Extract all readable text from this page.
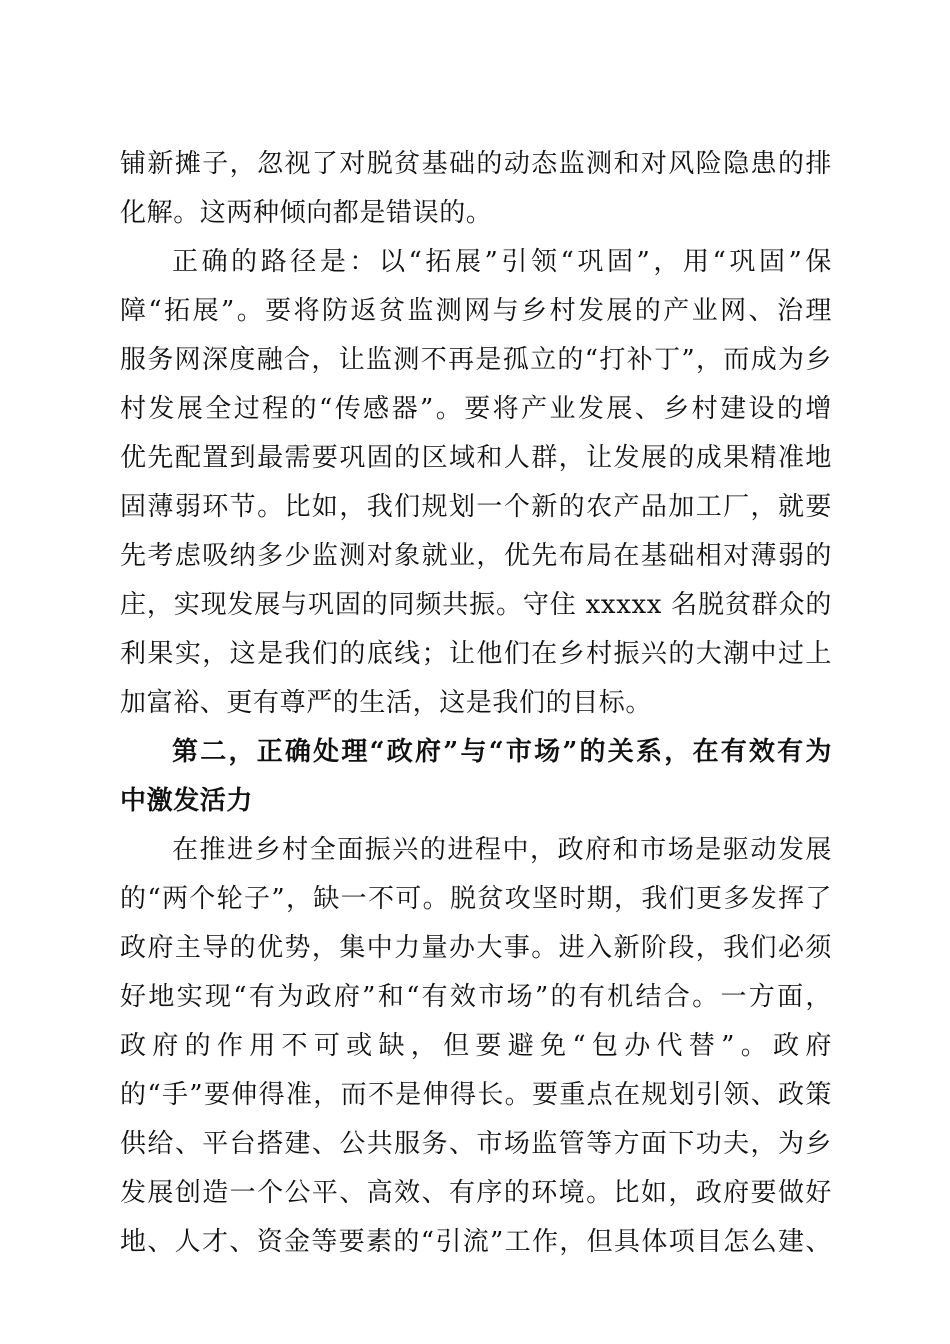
铺新摊子，忽视了对脱贫基础的动态监测和对风险隐患的排
化解。这两种倾向都是错误的。
正确的路径是：以“拓展”引领“巩固”，用“巩固”保
障“拓展”。要将防返贫监测网与乡村发展的产业网、治理
服务网深度融合，让监测不再是孤立的“打补丁”，而成为乡
村发展全过程的“传感器”。要将产业发展、乡村建设的增
优先配置到最需要巩固的区域和人群，让发展的成果精准地
固薄弱环节。比如，我们规划一个新的农产品加工厂，就要
先考虑吸纳多少监测对象就业，优先布局在基础相对薄弱的
庄，实现发展与巩固的同频共振。守住 xxxxx 名脱贫群众的
利果实，这是我们的底线；让他们在乡村振兴的大潮中过上
加富裕、更有尊严的生活，这是我们的目标。
第二，正确处理“政府”与“市场”的关系，在有效有为
中激发活力
在推进乡村全面振兴的进程中，政府和市场是驱动发展
的“两个轮子”，缺一不可。脱贫攻坚时期，我们更多发挥了
政府主导的优势，集中力量办大事。进入新阶段，我们必须
好地实现“有为政府”和“有效市场”的有机结合。一方面，
政府的作用不可或缺，但要避免“包办代替”。政府
的“手”要伸得准，而不是伸得长。要重点在规划引领、政策
供给、平台搭建、公共服务、市场监管等方面下功夫，为乡
发展创造一个公平、高效、有序的环境。比如，政府要做好
地、人才、资金等要素的“引流”工作，但具体项目怎么建、
